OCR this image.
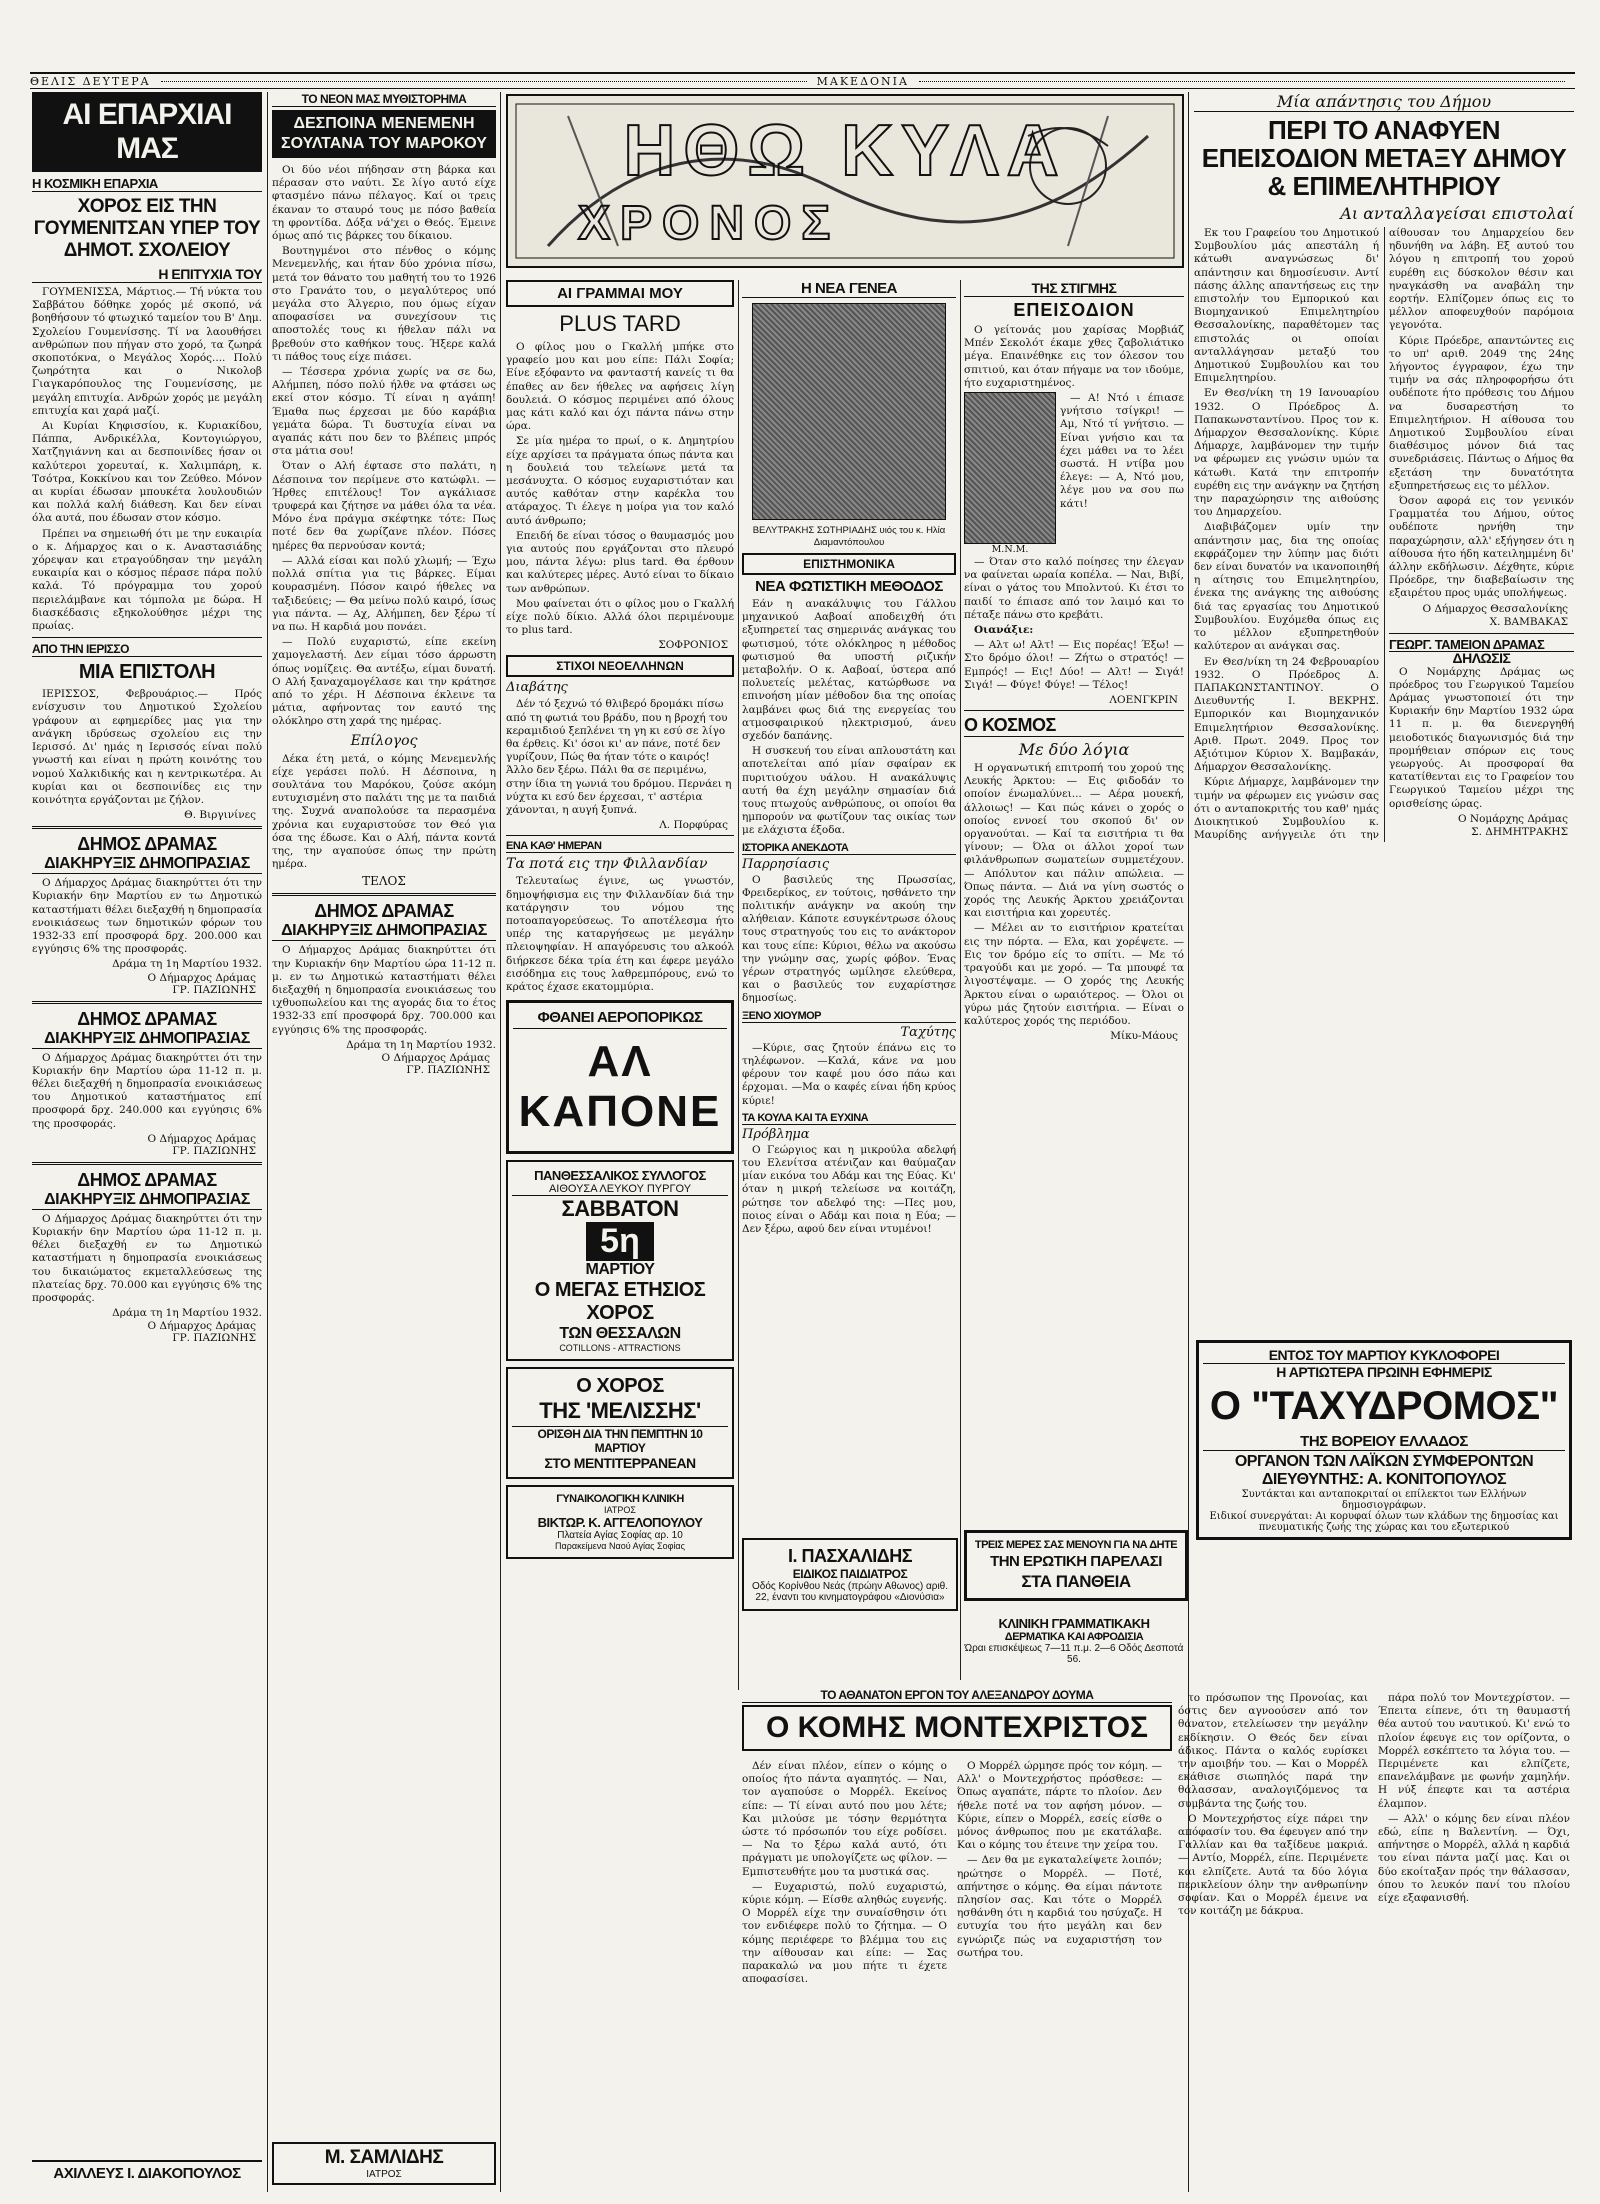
ΘΕΛΙΣ ΔΕΥΤΕΡΑ	ΜΑΚΕΔΟΝΙΑ
ΑΙ ΕΠΑΡΧΙΑΙ ΜΑΣ
Η ΚΟΣΜΙΚΗ ΕΠΑΡΧΙΑ
ΧΟΡΟΣ ΕΙΣ ΤΗΝ ΓΟΥΜΕΝΙΤΣΑΝ ΥΠΕΡ ΤΟΥ ΔΗΜΟΤ. ΣΧΟΛΕΙΟΥ
Η ΕΠΙΤΥΧΙΑ ΤΟΥ

ΓΟΥΜΕΝΙΣΣΑ, Μάρτιος.— Τή νύκτα του Σαββάτου δόθηκε χορός μέ σκοπό, νά βοηθήσουν τό φτωχικό ταμείον του Β' Δημ. Σχολείου Γουμενίσσης. Τί να λαουθήσει ανθρώπων που πήγαν στο χορό, τα ζωηρά σκοποτόκνα, ο Μεγάλος Χορός.... Πολύ ζωηρότητα και ο Νικολοβ Γιαγκαρόπουλος της Γουμενίσσης, με μεγάλη επιτυχία. Ανδρών χορός με μεγάλη επιτυχία και χαρά μαζί.

Αι Κυρίαι Κηφισσίου, κ. Κυριακίδου, Πάππα, Ανδρικέλλα, Κοντογιώργου, Χατζηγιάννη και αι δεσποινίδες ήσαν οι καλύτεροι χορευταί, κ. Χαλιμπάρη, κ. Τσότρα, Κοκκίνου και τον Ζεύθεο. Μόνον αι κυρίαι έδωσαν μπουκέτα λουλουδιών και πολλά καλή διάθεση. Και δεν είναι όλα αυτά, που έδωσαν στον κόσμο.

Πρέπει να σημειωθή ότι με την ευκαιρία ο κ. Δήμαρχος και ο κ. Αναστασιάδης χόρεψαν και ετραγούδησαν την μεγάλη ευκαιρία και ο κόσμος πέρασε πάρα πολύ καλά. Τό πρόγραμμα του χορού περιελάμβανε και τόμπολα με δώρα. Η διασκέδασις εξηκολούθησε μέχρι της πρωίας.

ΑΠΟ ΤΗΝ ΙΕΡΙΣΣΟ
ΜΙΑ ΕΠΙΣΤΟΛΗ

ΙΕΡΙΣΣΟΣ, Φεβρουάριος.— Πρός ενίσχυσιν του Δημοτικού Σχολείου γράφουν αι εφημερίδες μας για την ανάγκη ιδρύσεως σχολείου εις την Ιερισσό. Δι' ημάς η Ιερισσός είναι πολύ γνωστή και είναι η πρώτη κοινότης του νομού Χαλκιδικής και η κεντρικωτέρα. Αι κυρίαι και οι δεσποινίδες εις την κοινότητα εργάζονται με ζήλον.

Θ. Βιργινίνες
ΔΗΜΟΣ ΔΡΑΜΑΣ
ΔΙΑΚΗΡΥΞΙΣ ΔΗΜΟΠΡΑΣΙΑΣ

Ο Δήμαρχος Δράμας διακηρύττει ότι την Κυριακήν 6ην Μαρτίου εν τω Δημοτικώ καταστήματι θέλει διεξαχθή η δημοπρασία ενοικιάσεως των δημοτικών φόρων του 1932-33 επί προσφορά δρχ. 200.000 και εγγύησις 6% της προσφοράς.

Δράμα τη 1η Μαρτίου 1932.
Ο Δήμαρχος Δράμας
ΓΡ. ΠΑΖΙΩΝΗΣ
ΔΗΜΟΣ ΔΡΑΜΑΣ
ΔΙΑΚΗΡΥΞΙΣ ΔΗΜΟΠΡΑΣΙΑΣ

Ο Δήμαρχος Δράμας διακηρύττει ότι την Κυριακήν 6ην Μαρτίου ώρα 11-12 π. μ. θέλει διεξαχθή η δημοπρασία ενοικιάσεως του Δημοτικού καταστήματος επί προσφορά δρχ. 240.000 και εγγύησις 6% της προσφοράς.

Ο Δήμαρχος Δράμας
ΓΡ. ΠΑΖΙΩΝΗΣ
ΔΗΜΟΣ ΔΡΑΜΑΣ
ΔΙΑΚΗΡΥΞΙΣ ΔΗΜΟΠΡΑΣΙΑΣ

Ο Δήμαρχος Δράμας διακηρύττει ότι την Κυριακήν 6ην Μαρτίου ώρα 11-12 π. μ. θέλει διεξαχθή εν τω Δημοτικώ καταστήματι η δημοπρασία ενοικιάσεως του δικαιώματος εκμεταλλεύσεως της πλατείας δρχ. 70.000 και εγγύησις 6% της προσφοράς.

Δράμα τη 1η Μαρτίου 1932.
Ο Δήμαρχος Δράμας
ΓΡ. ΠΑΖΙΩΝΗΣ
ΑΧΙΛΛΕΥΣ Ι. ΔΙΑΚΟΠΟΥΛΟΣ
ΤΟ ΝΕΟΝ ΜΑΣ ΜΥΘΙΣΤΟΡΗΜΑ
ΔΕΣΠΟΙΝΑ ΜΕΝΕΜΕΝΗ ΣΟΥΛΤΑΝΑ ΤΟΥ ΜΑΡΟΚΟΥ

Οι δύο νέοι πήδησαν στη βάρκα και πέρασαν στο ναύτι. Σε λίγο αυτό είχε φτασμένο πάνω πέλαγος. Καί οι τρεις έκαναν το σταυρό τους με πόσο βαθεία τη φροντίδα. Δόξα νά'χει ο Θεός. Έμεινε όμως από τις βάρκες του δίκαιου.

Βουτηγμένοι στο πένθος ο κόμης Μενεμενλής, και ήταν δύο χρόνια πίσω, μετά τον θάνατο του μαθητή του το 1926 στο Γρανάτο του, ο μεγαλύτερος υπό μεγάλα στο Άλγεριο, που όμως είχαν αποφασίσει να συνεχίσουν τις αποστολές τους κι ήθελαν πάλι να βρεθούν στο καθήκον τους. Ήξερε καλά τι πάθος τους είχε πιάσει.

— Τέσσερα χρόνια χωρίς να σε δω, Αλήμπεη, πόσο πολύ ήλθε να φτάσει ως εκεί στον κόσμο. Τί είναι η αγάπη! Έμαθα πως έρχεσαι με δύο καράβια γεμάτα δώρα. Τι δυστυχία είναι να αγαπάς κάτι που δεν το βλέπεις μπρός στα μάτια σου!

Όταν ο Αλή έφτασε στο παλάτι, η Δέσποινα τον περίμενε στο κατώφλι. — Ήρθες επιτέλους! Τον αγκάλιασε τρυφερά και ζήτησε να μάθει όλα τα νέα. Μόνο ένα πράγμα σκέφτηκε τότε: Πως ποτέ δεν θα χωρίζανε πλέον. Πόσες ημέρες θα περνούσαν κοντά;

— Αλλά είσαι και πολύ χλωμή; — Έχω πολλά σπίτια για τις βάρκες. Είμαι κουρασμένη. Πόσον καιρό ήθελες να ταξιδεύεις; — Θα μείνω πολύ καιρό, ίσως για πάντα. — Αχ, Αλήμπεη, δεν ξέρω τί να πω. Η καρδιά μου πονάει.

— Πολύ ευχαριστώ, είπε εκείνη χαμογελαστή. Δεν είμαι τόσο άρρωστη όπως νομίζεις. Θα αντέξω, είμαι δυνατή. Ο Αλή ξαναχαμογέλασε και την κράτησε από το χέρι. Η Δέσποινα έκλεινε τα μάτια, αφήνοντας τον εαυτό της ολόκληρο στη χαρά της ημέρας.

Επίλογος

Δέκα έτη μετά, ο κόμης Μενεμενλής είχε γεράσει πολύ. Η Δέσποινα, η σουλτάνα του Μαρόκου, ζούσε ακόμη ευτυχισμένη στο παλάτι της με τα παιδιά της. Συχνά αναπολούσε τα περασμένα χρόνια και ευχαριστούσε τον Θεό για όσα της έδωσε. Και ο Αλή, πάντα κοντά της, την αγαπούσε όπως την πρώτη ημέρα.

ΤΕΛΟΣ
ΔΗΜΟΣ ΔΡΑΜΑΣ
ΔΙΑΚΗΡΥΞΙΣ ΔΗΜΟΠΡΑΣΙΑΣ

Ο Δήμαρχος Δράμας διακηρύττει ότι την Κυριακήν 6ην Μαρτίου ώρα 11-12 π. μ. εν τω Δημοτικώ καταστήματι θέλει διεξαχθή η δημοπρασία ενοικιάσεως του ιχθυοπωλείου και της αγοράς δια το έτος 1932-33 επί προσφορά δρχ. 700.000 και εγγύησις 6% της προσφοράς.

Δράμα τη 1η Μαρτίου 1932.
Ο Δήμαρχος Δράμας
ΓΡ. ΠΑΖΙΩΝΗΣ
Μ. ΣΑΜΛΙΔΗΣ
ΙΑΤΡΟΣ
ΗΘΩ ΚΥΛΑ
ΧΡΟΝΟΣ
ΑΙ ΓΡΑΜΜΑΙ ΜΟΥ
PLUS TARD

Ο φίλος μου ο Γκαλλή μπήκε στο γραφείο μου και μου είπε: Πάλι Σοφία; Είνε εξόφαντο να φανταστή κανείς τι θα έπαθες αν δεν ήθελες να αφήσεις λίγη δουλειά. Ο κόσμος περιμένει από όλους μας κάτι καλό και όχι πάντα πάνω στην ώρα.

Σε μία ημέρα το πρωί, ο κ. Δημητρίου είχε αρχίσει τα πράγματα όπως πάντα και η δουλειά του τελείωνε μετά τα μεσάνυχτα. Ο κόσμος ευχαριστιόταν και αυτός καθόταν στην καρέκλα του ατάραχος. Τι έλεγε η μοίρα για τον καλό αυτό άνθρωπο;

Επειδή δε είναι τόσος ο θαυμασμός μου για αυτούς που εργάζονται στο πλευρό μου, πάντα λέγω: plus tard. Θα έρθουν και καλύτερες μέρες. Αυτό είναι το δίκαιο των ανθρώπων.

Μου φαίνεται ότι ο φίλος μου ο Γκαλλή είχε πολύ δίκιο. Αλλά όλοι περιμένουμε το plus tard.

ΣΟΦΡΟΝΙΟΣ
ΣΤΙΧΟΙ ΝΕΟΕΛΛΗΝΩΝ
Διαβάτης

Δέν τό ξεχνώ τό θλιβερό δρομάκι πίσω από τη φωτιά του βράδυ, που η βροχή του κεραμιδιού ξεπλένει τη γη κι εσύ σε λίγο θα έρθεις. Κι' όσοι κι' αν πάνε, ποτέ δεν γυρίζουν, Πώς θα ήταν τότε ο καιρός! Άλλο δεν ξέρω. Πάλι θα σε περιμένω, στην ίδια τη γωνιά του δρόμου. Περνάει η νύχτα κι εσύ δεν έρχεσαι, τ' αστέρια χάνονται, η αυγή ξυπνά.

Λ. Πορφύρας
ΕΝΑ ΚΑΘ' ΗΜΕΡΑΝ
Τα ποτά εις την Φιλλανδίαν

Τελευταίως έγινε, ως γνωστόν, δημοψήφισμα εις την Φιλλανδίαν διά την κατάργησιν του νόμου της ποτοαπαγορεύσεως. Το αποτέλεσμα ήτο υπέρ της καταργήσεως με μεγάλην πλειοψηφίαν. Η απαγόρευσις του αλκοόλ διήρκεσε δέκα τρία έτη και έφερε μεγάλο εισόδημα εις τους λαθρεμπόρους, ενώ το κράτος έχασε εκατομμύρια.

ΦΘΑΝΕΙ ΑΕΡΟΠΟΡΙΚΩΣ
ΑΛ ΚΑΠΟΝΕ
ΠΑΝΘΕΣΣΑΛΙΚΟΣ ΣΥΛΛΟΓΟΣ
ΑΙΘΟΥΣΑ ΛΕΥΚΟΥ ΠΥΡΓΟΥ
ΣΑΒΒΑΤΟΝ
5η
ΜΑΡΤΙΟΥ
Ο ΜΕΓΑΣ ΕΤΗΣΙΟΣ ΧΟΡΟΣ
ΤΩΝ ΘΕΣΣΑΛΩΝ
COTILLONS - ATTRACTIONS
Ο ΧΟΡΟΣ
ΤΗΣ 'ΜΕΛΙΣΣΗΣ'
ΟΡΙΣΘΗ ΔΙΑ ΤΗΝ ΠΕΜΠΤΗΝ 10 ΜΑΡΤΙΟΥ
ΣΤΟ ΜΕΝΤΙΤΕΡΡΑΝΕΑΝ
ΓΥΝΑΙΚΟΛΟΓΙΚΗ ΚΛΙΝΙΚΗ
ΙΑΤΡΟΣ
ΒΙΚΤΩΡ. Κ. ΑΓΓΕΛΟΠΟΥΛΟΥ
Πλατεία Αγίας Σοφίας αρ. 10
Παρακείμενα Ναού Αγίας Σοφίας
Η ΝΕΑ ΓΕΝΕΑ
ΒΕΛΥΤΡΑΚΗΣ ΣΩΤΗΡΙΑΔΗΣ υιός του κ. Ηλία Διαμαντόπουλου
ΕΠΙΣΤΗΜΟΝΙΚΑ
ΝΕΑ ΦΩΤΙΣΤΙΚΗ ΜΕΘΟΔΟΣ

Εάν η ανακάλυψις του Γάλλου μηχανικού Ααβοαί αποδειχθή ότι εξυπηρετεί τας σημερινάς ανάγκας του φωτισμού, τότε ολόκληρος η μέθοδος φωτισμού θα υποστή ριζικήν μεταβολήν. Ο κ. Ααβοαί, ύστερα από πολυετείς μελέτας, κατώρθωσε να επινοήση μίαν μέθοδον δια της οποίας λαμβάνει φως διά της ενεργείας του ατμοσφαιρικού ηλεκτρισμού, άνευ σχεδόν δαπάνης.

Η συσκευή του είναι απλουστάτη και αποτελείται από μίαν σφαίραν εκ πυριτιούχου υάλου. Η ανακάλυψις αυτή θα έχη μεγάλην σημασίαν διά τους πτωχούς ανθρώπους, οι οποίοι θα ημπορούν να φωτίζουν τας οικίας των με ελάχιστα έξοδα.

ΙΣΤΟΡΙΚΑ ΑΝΕΚΔΟΤΑ
Παρρησίασις

Ο βασιλεύς της Πρωσσίας, Φρειδερίκος, εν τούτοις, ησθάνετο την πολιτικήν ανάγκην να ακούη την αλήθειαν. Κάποτε εσυγκέντρωσε όλους τους στρατηγούς του εις το ανάκτορον και τους είπε: Κύριοι, θέλω να ακούσω την γνώμην σας, χωρίς φόβον. Ένας γέρων στρατηγός ωμίλησε ελεύθερα, και ο βασιλεύς τον ευχαρίστησε δημοσίως.

ΞΕΝΟ ΧΙΟΥΜΟΡ
Ταχύτης

—Κύριε, σας ζητούν έπάνω εις το τηλέφωνον. —Καλά, κάνε να μου φέρουν τον καφέ μου όσο πάω και έρχομαι. —Μα ο καφές είναι ήδη κρύος κύριε!

ΤΑ ΚΟΥΛΑ ΚΑΙ ΤΑ ΕΥΧΙΝΑ
Πρόβλημα

Ο Γεώργιος και η μικρούλα αδελφή του Ελενίτσα ατένιζαν και θαύμαζαν μίαν εικόνα του Αδάμ και της Εύας. Κι' όταν η μικρή τελείωσε να κοιτάζη, ρώτησε τον αδελφό της: —Πες μου, ποιος είναι ο Αδάμ και ποια η Εύα; —Δεν ξέρω, αφού δεν είναι ντυμένοι!

Ι. ΠΑΣΧΑΛΙΔΗΣ
ΕΙΔΙΚΟΣ ΠΑΙΔΙΑΤΡΟΣ
Οδός Κορίνθου Νεάς (πρώην Αθωνος) αριθ. 22, έναντι του κινηματογράφου «Διονύσια»
ΤΗΣ ΣΤΙΓΜΗΣ
ΕΠΕΙΣΟΔΙΟΝ

Ο γείτονάς μου χαρίσας Μορβιάζ Μπέν Σεκολότ έκαμε χθες ζαβολιάτικο μέγα. Επαινέθηκε εις τον όλεσον του σπιτιού, και όταν πήγαμε να τον ιδούμε, ήτο ευχαριστημένος.

Μ.Ν.Μ.

— Α! Ντό ι έπιασε γνήτσιο τσίγκρι! — Αμ, Ντό τί γνήτσιο. — Είναι γνήσιο και τα έχει μάθει να το λέει σωστά. Η ντίβα μου έλεγε: — Α, Ντό μου, λέγε μου να σου πω κάτι!

— Όταν στο καλό ποίησες την έλεγαν να φαίνεται ωραία κοπέλα. — Ναι, Βιβί, είναι ο γάτος του Μπολντού. Κι έτσι το παιδί το έπιασε από τον λαιμό και το πέταξε πάνω στο κρεβάτι.

Οιανάξιε:

— Αλτ ω! Αλτ! — Εις πορέας! Έξω! — Στο δρόμο όλοι! — Ζήτω ο στρατός! — Εμπρός! — Εις! Δύο! — Αλτ! — Σιγά! Σιγά! — Φύγε! Φύγε! — Τέλος!

ΛΟΕΝΓΚΡΙΝ
Ο ΚΟΣΜΟΣ
Με δύο λόγια

Η οργανωτική επιτροπή του χορού της Λευκής Άρκτου: — Εις φιδοδάν το οποίον ένωμαλύνει... — Αέρα μουεκή, άλλοιως! — Και πώς κάνει ο χορός ο οποίος εννοεί του σκοπού δι' ον οργανούται. — Καί τα εισιτήρια τι θα γίνουν; — Όλα οι άλλοι χοροί των φιλάνθρωπων σωματείων συμμετέχουν. — Απόλυτον και πάλιν απώλεια. — Όπως πάντα. — Διά να γίνη σωστός ο χορός της Λευκής Άρκτου χρειάζονται και εισιτήρια και χορευτές.

— Μέλει αν το εισιτήριον κρατείται εις την πόρτα. — Ελα, και χορέψετε. — Εις τον δρόμο είς το σπίτι. — Με τό τραγούδι και με χορό. — Τα μπουφέ τα λιγοστέψαμε. — Ο χορός της Λευκής Άρκτου είναι ο ωραιότερος. — Όλοι οι γύρω μάς ζητούν εισιτήρια. — Είναι ο καλύτερος χορός της περιόδου.

Μίκυ-Μάους
ΤΡΕΙΣ ΜΕΡΕΣ ΣΑΣ ΜΕΝΟΥΝ ΓΙΑ ΝΑ ΔΗΤΕ
ΤΗΝ ΕΡΩΤΙΚΗ ΠΑΡΕΛΑΣΙ
ΣΤΑ ΠΑΝΘΕΙΑ
ΚΛΙΝΙΚΗ ΓΡΑΜΜΑΤΙΚΑΚΗ
ΔΕΡΜΑΤΙΚΑ ΚΑΙ ΑΦΡΟΔΙΣΙΑ
Ώραι επισκέψεως 7—11 π.μ. 2—6 Οδός Δεσποτά 56.
Μία απάντησις του Δήμου
ΠΕΡΙ ΤΟ ΑΝΑΦΥΕΝ ΕΠΕΙΣΟΔΙΟΝ ΜΕΤΑΞΥ ΔΗΜΟΥ & ΕΠΙΜΕΛΗΤΗΡΙΟΥ
Αι ανταλλαγείσαι επιστολαί

Εκ του Γραφείου του Δημοτικού Συμβουλίου μάς απεστάλη ή κάτωθι αναγνώσεως δι' απάντησιν και δημοσίευσιν. Αντί πάσης άλλης απαντήσεως εις την επιστολήν του Εμπορικού και Βιομηχανικού Επιμελητηρίου Θεσσαλονίκης, παραθέτομεν τας επιστολάς οι οποίαι ανταλλάγησαν μεταξύ του Δημοτικού Συμβουλίου και του Επιμελητηρίου.

Εν Θεσ/νίκη τη 19 Ιανουαρίου 1932. Ο Πρόεδρος Δ. Παπακωνσταντίνου. Προς τον κ. Δήμαρχον Θεσσαλονίκης. Κύριε Δήμαρχε, λαμβάνομεν την τιμήν να φέρωμεν εις γνώσιν υμών τα κάτωθι. Κατά την επιτροπήν ευρέθη εις την ανάγκην να ζητήση την παραχώρησιν της αιθούσης του Δημαρχείου.

Διαβιβάζομεν υμίν την απάντησιν μας, δια της οποίας εκφράζομεν την λύπην μας διότι δεν είναι δυνατόν να ικανοποιηθή η αίτησις του Επιμελητηρίου, ένεκα της ανάγκης της αιθούσης διά τας εργασίας του Δημοτικού Συμβουλίου. Ευχόμεθα όπως εις το μέλλον εξυπηρετηθούν καλύτερον αι ανάγκαι σας.

Εν Θεσ/νίκη τη 24 Φεβρουαρίου 1932. Ο Πρόεδρος Δ. ΠΑΠΑΚΩΝΣΤΑΝΤΙΝΟΥ. Ο Διευθυντής Ι. ΒΕΚΡΗΣ. Εμπορικόν και Βιομηχανικόν Επιμελητήριον Θεσσαλονίκης. Αριθ. Πρωτ. 2049. Προς τον Αξιότιμον Κύριον Χ. Βαμβακάν, Δήμαρχον Θεσσαλονίκης.

Κύριε Δήμαρχε, λαμβάνομεν την τιμήν να φέρωμεν εις γνώσιν σας ότι ο ανταποκριτής του καθ' ημάς Διοικητικού Συμβουλίου κ. Μαυρίδης ανήγγειλε ότι την αίθουσαν του Δημαρχείου δεν ηδυνήθη να λάβη. Εξ αυτού του λόγου η επιτροπή του χορού ευρέθη εις δύσκολον θέσιν και ηναγκάσθη να αναβάλη την εορτήν. Ελπίζομεν όπως εις το μέλλον αποφευχθούν παρόμοια γεγονότα.

Κύριε Πρόεδρε, απαντώντες εις το υπ' αριθ. 2049 της 24ης λήγοντος έγγραφον, έχω την τιμήν να σάς πληροφορήσω ότι ουδέποτε ήτο πρόθεσις του Δήμου να δυσαρεστήση το Επιμελητήριον. Η αίθουσα του Δημοτικού Συμβουλίου είναι διαθέσιμος μόνον διά τας συνεδριάσεις. Πάντως ο Δήμος θα εξετάση την δυνατότητα εξυπηρετήσεως εις το μέλλον.

Όσον αφορά εις τον γενικόν Γραμματέα του Δήμου, ούτος ουδέποτε ηρνήθη την παραχώρησιν, αλλ' εξήγησεν ότι η αίθουσα ήτο ήδη κατειλημμένη δι' άλλην εκδήλωσιν. Δέχθητε, κύριε Πρόεδρε, την διαβεβαίωσιν της εξαιρέτου προς υμάς υπολήψεως.

Ο Δήμαρχος Θεσσαλονίκης
Χ. ΒΑΜΒΑΚΑΣ
ΓΕΩΡΓ. ΤΑΜΕΙΟΝ ΔΡΑΜΑΣ
ΔΗΛΩΣΙΣ

Ο Νομάρχης Δράμας ως πρόεδρος του Γεωργικού Ταμείου Δράμας γνωστοποιεί ότι την Κυριακήν 6ην Μαρτίου 1932 ώρα 11 π. μ. θα διενεργηθή μειοδοτικός διαγωνισμός διά την προμήθειαν σπόρων εις τους γεωργούς. Αι προσφοραί θα κατατίθενται εις το Γραφείον του Γεωργικού Ταμείου μέχρι της ορισθείσης ώρας.

Ο Νομάρχης Δράμας
Σ. ΔΗΜΗΤΡΑΚΗΣ
ΕΝΤΟΣ ΤΟΥ ΜΑΡΤΙΟΥ ΚΥΚΛΟΦΟΡΕΙ
Η ΑΡΤΙΩΤΕΡΑ ΠΡΩΙΝΗ ΕΦΗΜΕΡΙΣ
Ο "ΤΑΧΥΔΡΟΜΟΣ"
ΤΗΣ ΒΟΡΕΙΟΥ ΕΛΛΑΔΟΣ
ΟΡΓΑΝΟΝ ΤΩΝ ΛΑΪΚΩΝ ΣΥΜΦΕΡΟΝΤΩΝ
ΔΙΕΥΘΥΝΤΗΣ: Α. ΚΟΝΙΤΟΠΟΥΛΟΣ
Συντάκται και ανταποκριταί οι επίλεκτοι των Ελλήνων δημοσιογράφων.
Ειδικοί συνεργάται: Αι κορυφαί όλων των κλάδων της δημοσίας και πνευματικής ζωής της χώρας και του εξωτερικού
ΤΟ ΑΘΑΝΑΤΟΝ ΕΡΓΟΝ ΤΟΥ ΑΛΕΞΑΝΔΡΟΥ ΔΟΥΜΑ
Ο ΚΟΜΗΣ ΜΟΝΤΕΧΡΙΣΤΟΣ

Δέν είναι πλέον, είπεν ο κόμης ο οποίος ήτο πάντα αγαπητός. — Ναι, τον αγαπούσε ο Μορρέλ. Εκείνος είπε: — Τί είναι αυτό που μου λέτε; Και μιλούσε με τόσην θερμότητα ώστε τό πρόσωπόν του είχε ροδίσει. — Να το ξέρω καλά αυτό, ότι πράγματι με υπολογίζετε ως φίλον. — Εμπιστευθήτε μου τα μυστικά σας.

— Ευχαριστώ, πολύ ευχαριστώ, κύριε κόμη. — Είσθε αληθώς ευγενής. Ο Μορρέλ είχε την συναίσθησιν ότι τον ενδιέφερε πολύ το ζήτημα. — Ο κόμης περιέφερε το βλέμμα του εις την αίθουσαν και είπε: — Σας παρακαλώ να μου πήτε τι έχετε αποφασίσει.

Ο Μορρέλ ώρμησε πρός τον κόμη. — Αλλ' ο Μοντεχρήστος πρόσθεσε: — Όπως αγαπάτε, πάρτε το πλοίον. Δεν ήθελε ποτέ να τον αφήση μόνον. — Κύριε, είπεν ο Μορρέλ, εσείς είσθε ο μόνος άνθρωπος που με εκατάλαβε. Και ο κόμης του έτεινε την χείρα του.

— Δεν θα με εγκαταλείψετε λοιπόν; ηρώτησε ο Μορρέλ. — Ποτέ, απήντησε ο κόμης. Θα είμαι πάντοτε πλησίον σας. Και τότε ο Μορρέλ ησθάνθη ότι η καρδιά του ησύχαζε. Η ευτυχία του ήτο μεγάλη και δεν εγνώριζε πώς να ευχαριστήση τον σωτήρα του.

το πρόσωπον της Προνοίας, και όστις δεν αγνοούσεν από τον θάνατον, ετελείωσεν την μεγάλην εκδίκησιν. Ο Θεός δεν είναι άδικος. Πάντα ο καλός ευρίσκει την αμοιβήν του. — Και ο Μορρέλ εκάθισε σιωπηλός παρά την θάλασσαν, αναλογιζόμενος τα συμβάντα της ζωής του.

Ο Μοντεχρήστος είχε πάρει την απόφασίν του. Θα έφευγεν από την Γαλλίαν και θα ταξίδευε μακριά. — Αντίο, Μορρέλ, είπε. Περιμένετε και ελπίζετε. Αυτά τα δύο λόγια περικλείουν όλην την ανθρωπίνην σοφίαν. Και ο Μορρέλ έμεινε να τον κοιτάζη με δάκρυα.

πάρα πολύ τον Μοντεχρίστον. — Έπειτα είπενε, ότι τη θαυμαστή θέα αυτού του ναυτικού. Κι' ενώ το πλοίον έφευγε εις τον ορίζοντα, ο Μορρέλ εσκέπτετο τα λόγια του. — Περιμένετε και ελπίζετε, επανελάμβανε με φωνήν χαμηλήν. Η νύξ έπεφτε και τα αστέρια έλαμπον.

— Αλλ' ο κόμης δεν είναι πλέον εδώ, είπε η Βαλεντίνη. — Όχι, απήντησε ο Μορρέλ, αλλά η καρδιά του είναι πάντα μαζί μας. Και οι δύο εκοίταξαν πρός την θάλασσαν, όπου το λευκόν πανί του πλοίου είχε εξαφανισθή.
